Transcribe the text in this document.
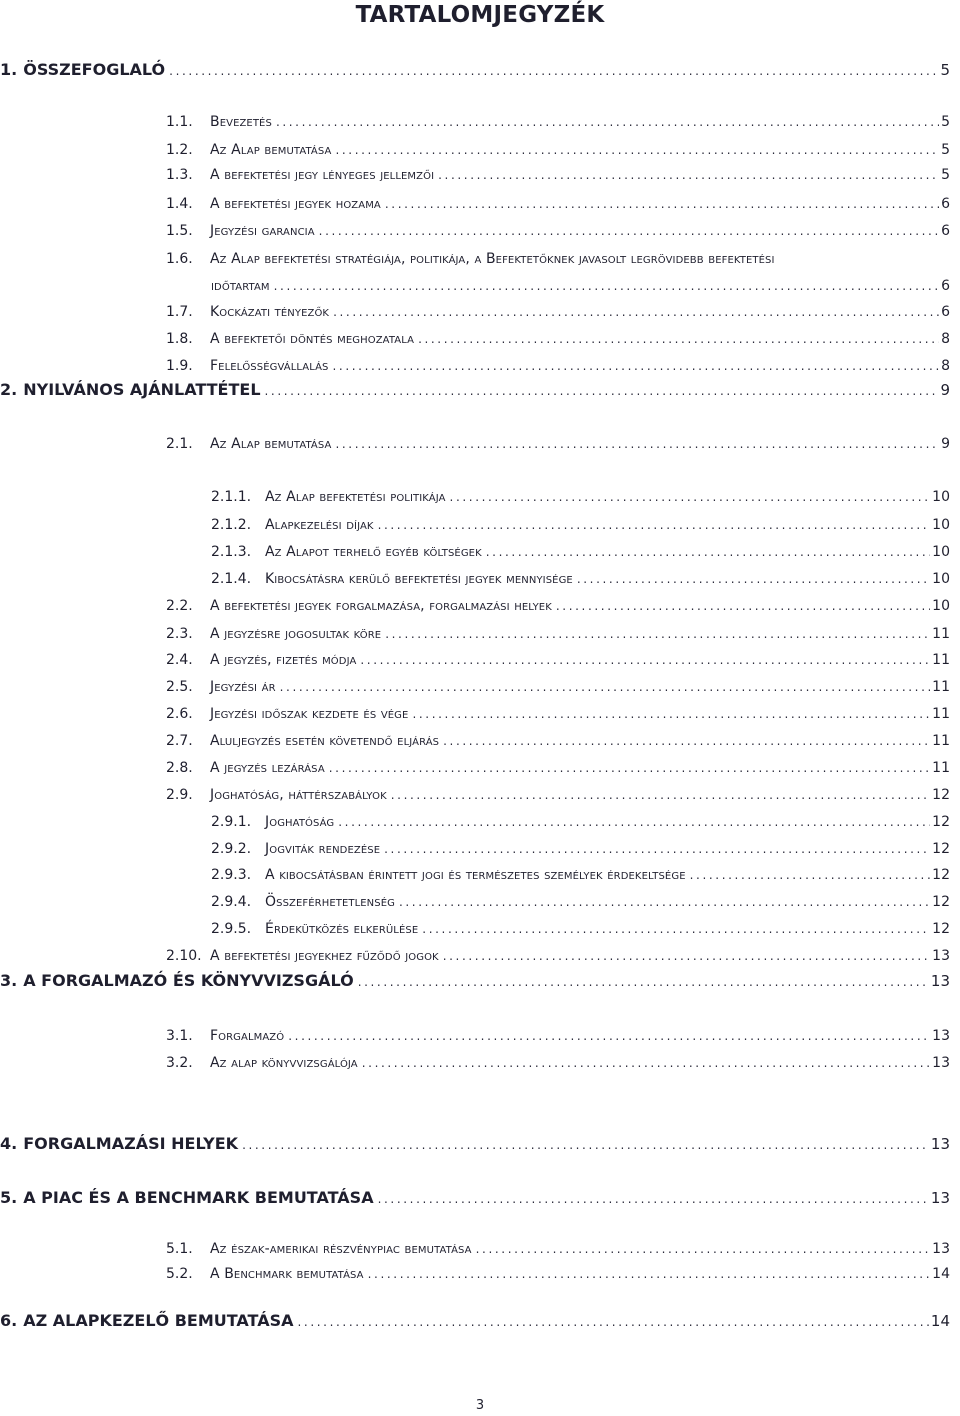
TARTALOMJEGYZÉK
1. ÖSSZEFOGLALÓ .....	5
1.1.	Bevezetés .....	5
1.2.	Az Alap bemutatása .....	5
1.3.	A befektetési jegy lényeges jellemzői .....	5
1.4.	A befektetési jegyek hozama .....	6
1.5.	Jegyzési garancia .....	6
1.6. Az Alap befektetési stratégiája, politikája, a Befektetőknek javasolt legrövidebb befektetési
időtartam .....	6
1.7.	Kockázati tényezők .....	6
1.8.	A befektetői döntés meghozatala .....	8
1.9.	Felelősségvállalás .....	8
2. NYILVÁNOS AJÁNLATTÉTEL .....	9
2.1.	Az Alap bemutatása .....	9
2.1.1. Az Alap befektetési politikája .....	10
2.1.2. Alapkezelési díjak .....	10
2.1.3. Az Alapot terhelő egyéb költségek .....	10
2.1.4. Kibocsátásra kerülő befektetési jegyek mennyisége .....	10
2.2.	A befektetési jegyek forgalmazása, forgalmazási helyek .....	10
2.3.	A jegyzésre jogosultak köre .....	11
2.4.	A jegyzés, fizetés módja .....	11
2.5.	Jegyzési ár .....	11
2.6.	Jegyzési időszak kezdete és vége .....	11
2.7.	Aluljegyzés esetén követendő eljárás .....	11
2.8.	A jegyzés lezárása .....	11
2.9.	Joghatóság, háttérszabályok .....	12
2.9.1. Joghatóság .....	12
2.9.2. Jogviták rendezése .....	12
2.9.3. A kibocsátásban érintett jogi és természetes személyek érdekeltsége .....	12
2.9.4. Összeférhetetlenség .....	12
2.9.5. Érdekütközés elkerülése .....	12
2.10. A befektetési jegyekhez fűződő jogok .....	13
3. A FORGALMAZÓ ÉS KÖNYVVIZSGÁLÓ .....	13
3.1.	Forgalmazó .....	13
3.2.	Az alap könyvvizsgálója .....	13
4. FORGALMAZÁSI HELYEK .....	13
5. A PIAC ÉS A BENCHMARK BEMUTATÁSA .....	13
5.1.	Az észak-amerikai részvénypiac bemutatása .....	13
5.2.	A Benchmark bemutatása .....	14
6. AZ ALAPKEZELŐ BEMUTATÁSA .....	14
3
